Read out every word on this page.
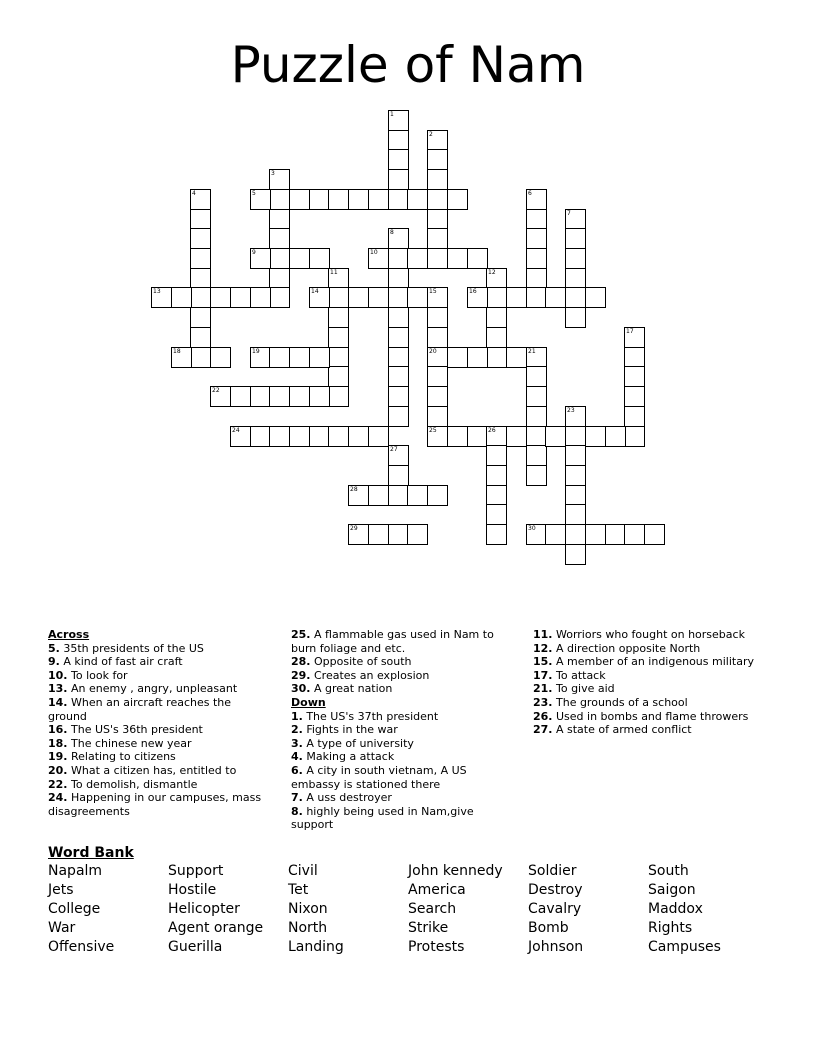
Puzzle of Nam
1
2
3
4	5	6
7
8
9	10
11	12
13	14	15
20
25
16
17
18	19	21
22
23
24	26
27
28
29	30
Across
5. 35th presidents of the US
9. A kind of fast air craft
10. To look for
13. An enemy , angry, unpleasant
14. When an aircraft reaches the ground
16. The US's 36th president
18. The chinese new year
19. Relating to citizens
20. What a citizen has, entitled to
22. To demolish, dismantle
24. Happening in our campuses, mass disagreements
25. A flammable gas used in Nam to burn foliage and etc.
28. Opposite of south
29. Creates an explosion
30. A great nation
Down
1. The US's 37th president
2. Fights in the war
3. A type of university
4. Making a attack
6. A city in south vietnam, A US embassy is stationed there
7. A uss destroyer
8. highly being used in Nam,give support
11. Worriors who fought on horseback
12. A direction opposite North
15. A member of an indigenous military
17. To attack
21. To give aid
23. The grounds of a school
26. Used in bombs and flame throwers
27. A state of armed conflict
Word Bank
Napalm
Jets
College
War
Offensive
Support
Hostile
Helicopter
Agent orange
Guerilla
Civil
Tet
Nixon
North
Landing
John kennedy
America
Search
Strike
Protests
Soldier
Destroy
Cavalry
Bomb
Johnson
South
Saigon
Maddox
Rights
Campuses
